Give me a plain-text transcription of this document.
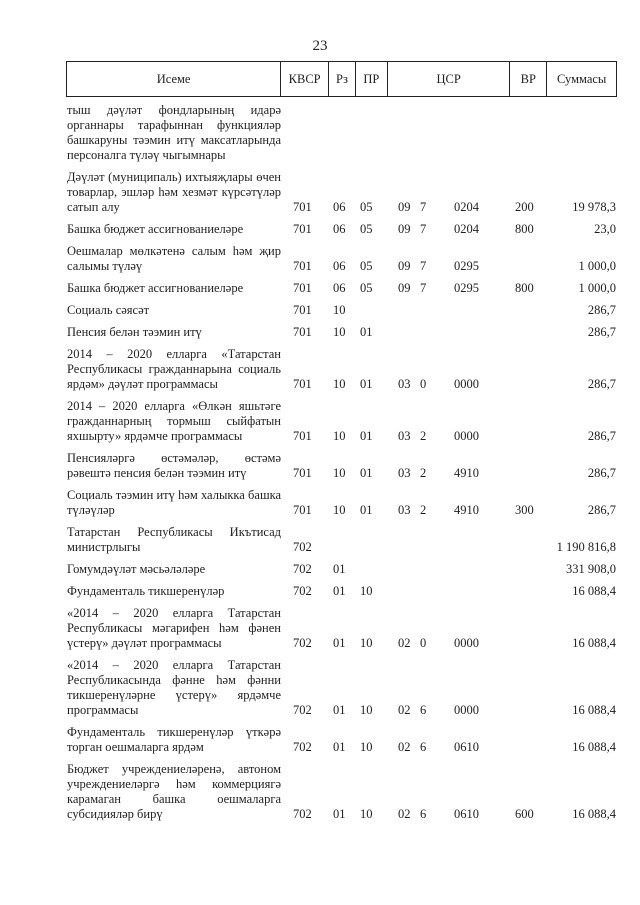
23
Исеме	КВСР	Рз	ПР	ЦСР	ВР	Суммасы
тыш дәүләт фондларының идарә органнары тарафыннан функцияләр башкаруны тәэмин итү максатларында персоналга түләү чыгымнары
Дәүләт (муниципаль) ихтыяҗлары өчен товарлар, эшләр һәм хезмәт күрсәтүләр сатып алу	701	06	05	09 7	0204	200	19 978,3
Башка бюджет ассигнованиеләре	701	06	05	09 7	0204	800	23,0
Оешмалар мөлкәтенә салым һәм җир салымы түләү	701	06	05	09 7	0295	1 000,0
Башка бюджет ассигнованиеләре	701	06	05	09 7	0295	800	1 000,0
Социаль сәясәт	701	10	286,7
Пенсия белән тәэмин итү	701	10	01	286,7
2014 – 2020 елларга «Татарстан Республикасы гражданнарына социаль ярдәм» дәүләт программасы	701	10	01	03 0	0000	286,7
2014 – 2020 елларга «Өлкән яшьтәге гражданнарның тормыш сыйфатын яхшырту» ярдәмче программасы	701	10	01	03 2	0000	286,7
Пенсияләргә өстәмәләр, өстәмә рәвештә пенсия белән тәэмин итү	701	10	01	03 2	4910	286,7
Социаль тәэмин итү һәм халыкка башка түләүләр	701	10	01	03 2	4910	300	286,7
Татарстан Республикасы Икътисад министрлыгы	702	1 190 816,8
Гомумдәүләт мәсьәләләре	702	01	331 908,0
Фундаменталь тикшеренүләр	702	01	10	16 088,4
«2014 – 2020 елларга Татарстан Республикасы мәгарифен һәм фәнен үстерү» дәүләт программасы	702	01	10	02 0	0000	16 088,4
«2014 – 2020 елларга Татарстан Республикасында фәнне һәм фәнни тикшеренүләрне үстерү» ярдәмче программасы	702	01	10	02 6	0000	16 088,4
Фундаменталь тикшеренүләр үткәрә торган оешмаларга ярдәм	702	01	10	02 6	0610	16 088,4
Бюджет учреждениеләренә, автоном учреждениеләргә һәм коммерциягә карамаган башка оешмаларга субсидияләр бирү	702	01	10	02 6	0610	600	16 088,4
